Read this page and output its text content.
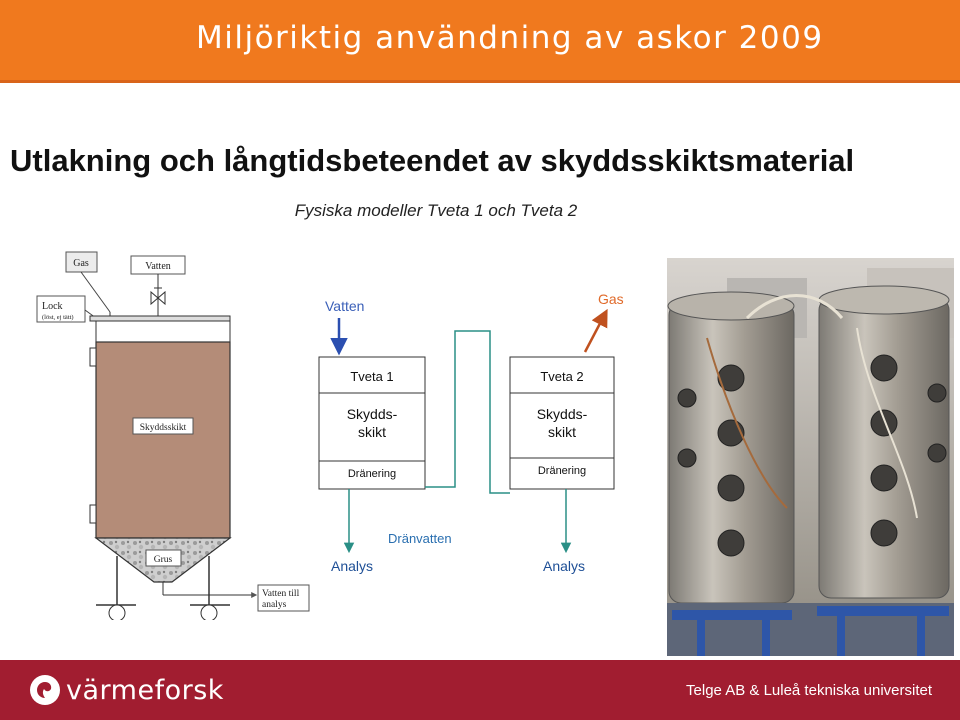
Miljöriktig användning av askor 2009
Utlakning och långtidsbeteendet av skyddsskiktsmaterial
Fysiska modeller Tveta 1 och Tveta 2
Gas	Vatten
Lock
(löst, ej tätt)
Skyddsskikt
Grus
Vatten till
analys
Vatten	Gas
Tveta 1
Skydds-
skikt
Dränering
Tveta 2
Skydds-
skikt
Dränering
Dränvatten
Analys	Analys
värmeforsk	Telge AB & Luleå tekniska universitet
